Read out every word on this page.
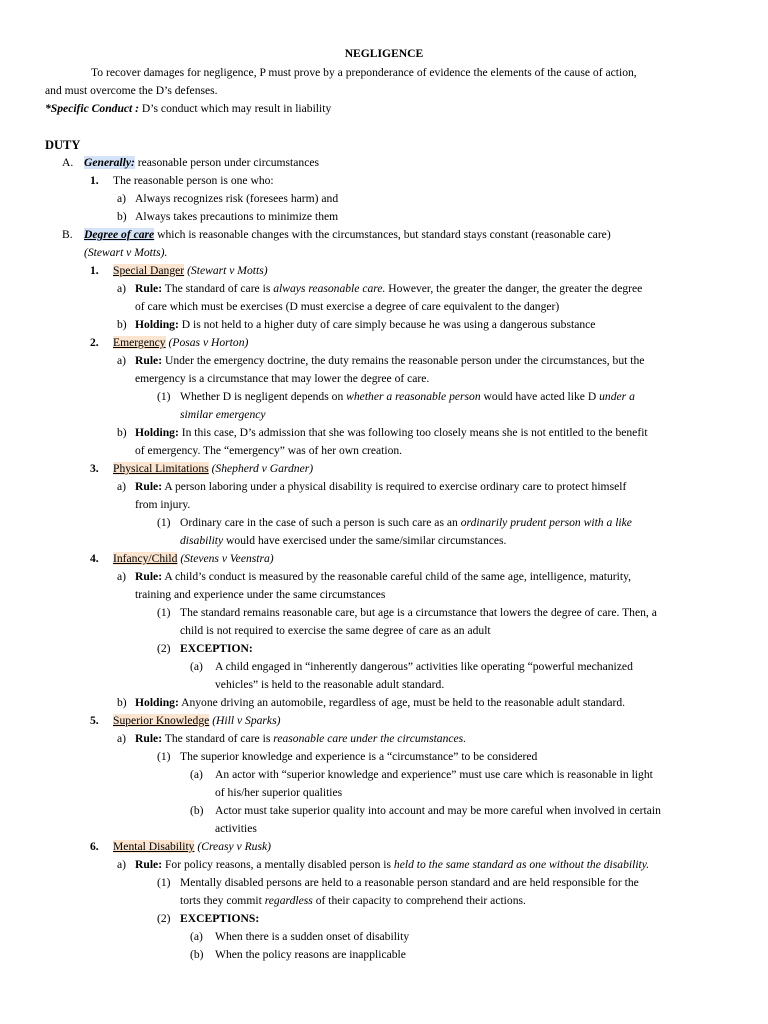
NEGLIGENCE
To recover damages for negligence, P must prove by a preponderance of evidence the elements of the cause of action,
and must overcome the D’s defenses.
*Specific Conduct : D’s conduct which may result in liability
DUTY
A. Generally: reasonable person under circumstances
1. The reasonable person is one who:
a) Always recognizes risk (foresees harm) and
b) Always takes precautions to minimize them
B. Degree of care which is reasonable changes with the circumstances, but standard stays constant (reasonable care)
(Stewart v Motts).
1. Special Danger (Stewart v Motts)
a) Rule: The standard of care is always reasonable care. However, the greater the danger, the greater the degree
of care which must be exercises (D must exercise a degree of care equivalent to the danger)
b) Holding: D is not held to a higher duty of care simply because he was using a dangerous substance
2. Emergency (Posas v Horton)
a) Rule: Under the emergency doctrine, the duty remains the reasonable person under the circumstances, but the
emergency is a circumstance that may lower the degree of care.
(1) Whether D is negligent depends on whether a reasonable person would have acted like D under a
similar emergency
b) Holding: In this case, D’s admission that she was following too closely means she is not entitled to the benefit
of emergency. The “emergency” was of her own creation.
3. Physical Limitations (Shepherd v Gardner)
a) Rule: A person laboring under a physical disability is required to exercise ordinary care to protect himself
from injury.
(1) Ordinary care in the case of such a person is such care as an ordinarily prudent person with a like
disability would have exercised under the same/similar circumstances.
4. Infancy/Child (Stevens v Veenstra)
a) Rule: A child’s conduct is measured by the reasonable careful child of the same age, intelligence, maturity,
training and experience under the same circumstances
(1) The standard remains reasonable care, but age is a circumstance that lowers the degree of care. Then, a
child is not required to exercise the same degree of care as an adult
(2) EXCEPTION:
(a) A child engaged in “inherently dangerous” activities like operating “powerful mechanized
vehicles” is held to the reasonable adult standard.
b) Holding: Anyone driving an automobile, regardless of age, must be held to the reasonable adult standard.
5. Superior Knowledge (Hill v Sparks)
a) Rule: The standard of care is reasonable care under the circumstances.
(1) The superior knowledge and experience is a “circumstance” to be considered
(a) An actor with “superior knowledge and experience” must use care which is reasonable in light
of his/her superior qualities
(b) Actor must take superior quality into account and may be more careful when involved in certain
activities
6. Mental Disability (Creasy v Rusk)
a) Rule: For policy reasons, a mentally disabled person is held to the same standard as one without the disability.
(1) Mentally disabled persons are held to a reasonable person standard and are held responsible for the
torts they commit regardless of their capacity to comprehend their actions.
(2) EXCEPTIONS:
(a) When there is a sudden onset of disability
(b) When the policy reasons are inapplicable
